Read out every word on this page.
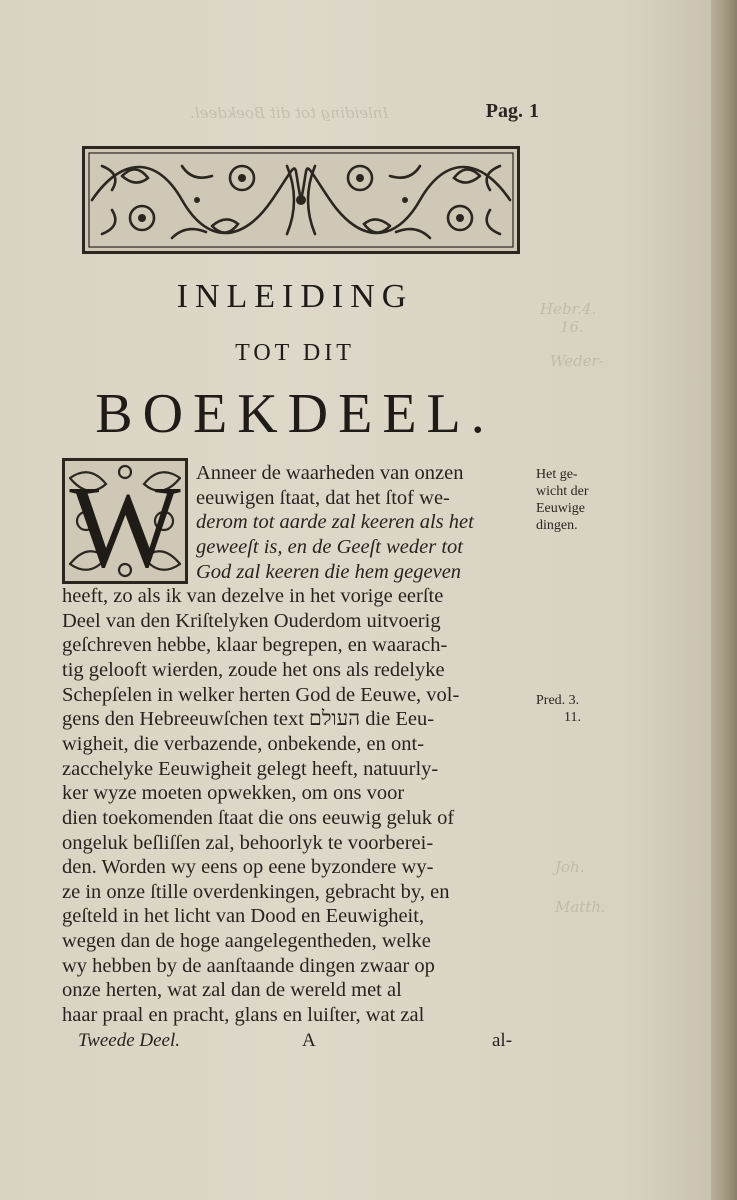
Inleiding tot dit Boekdeel.
Hebr.4.
16.
Weder-
Joh.
Matth.
Pag. 1
INLEIDING
TOT DIT
BOEKDEEL.
W	Het ge-
wicht der
Eeuwige
dingen.
Pred. 3.
11.
Tweede Deel.	A	al-
Anneer de waarheden van onzen
eeuwigen ſtaat, dat het ſtof we-
derom tot aarde zal keeren als het
geweeſt is, en de Geeſt weder tot
God zal keeren die hem gegeven
heeft, zo als ik van dezelve in het vorige eerſte
Deel van den Kriſtelyken Ouderdom uitvoerig
geſchreven hebbe, klaar begrepen, en waarach-
tig gelooft wierden, zoude het ons als redelyke
Schepſelen in welker herten God de Eeuwe, vol-
gens den Hebreeuwſchen text העולם die Eeu-
wigheit, die verbazende, onbekende, en ont-
zacchelyke Eeuwigheit gelegt heeft, natuurly-
ker wyze moeten opwekken, om ons voor
dien toekomenden ſtaat die ons eeuwig geluk of
ongeluk beſliſſen zal, behoorlyk te voorberei-
den. Worden wy eens op eene byzondere wy-
ze in onze ſtille overdenkingen, gebracht by, en
geſteld in het licht van Dood en Eeuwigheit,
wegen dan de hoge aangelegentheden, welke
wy hebben by de aanſtaande dingen zwaar op
onze herten, wat zal dan de wereld met al
haar praal en pracht, glans en luiſter, wat zal
